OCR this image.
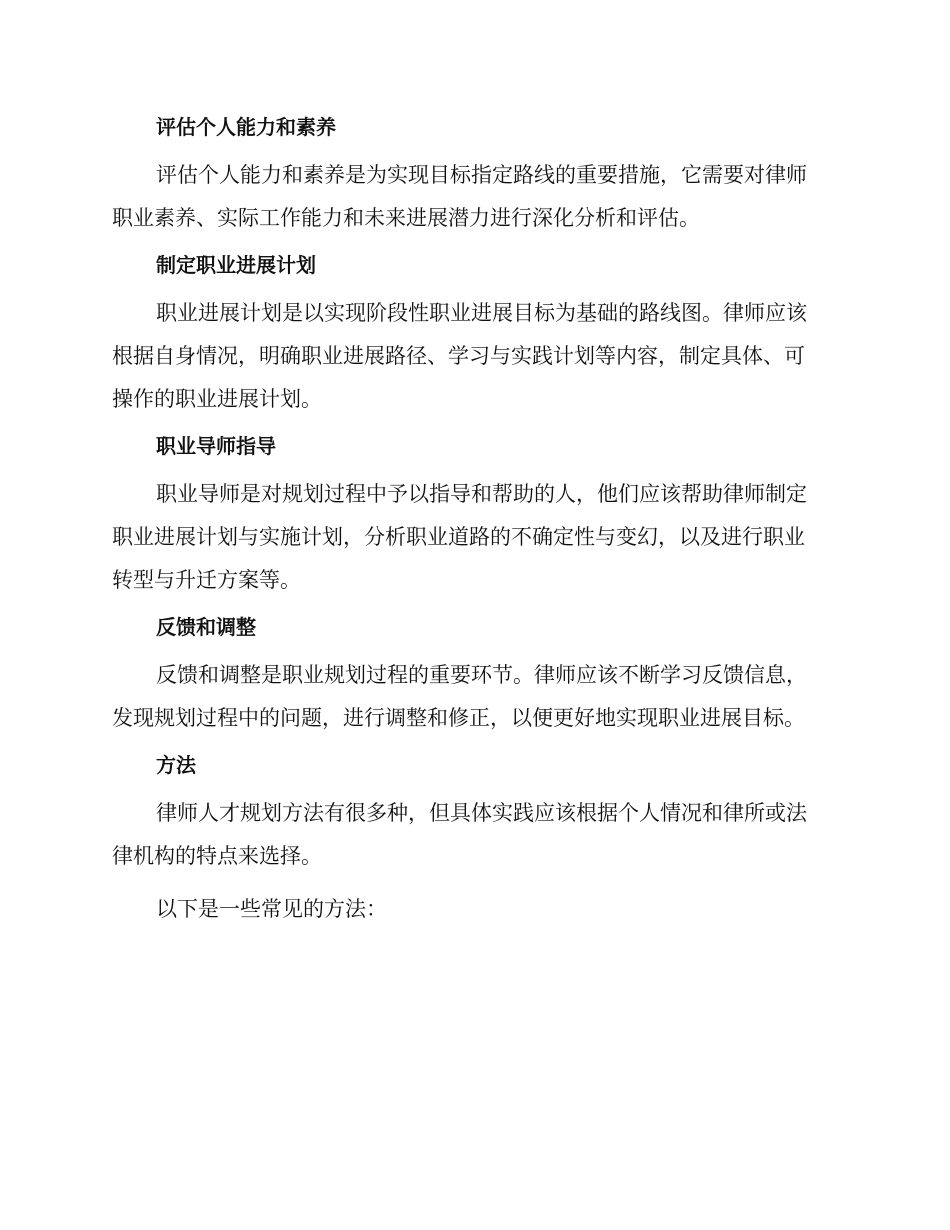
评估个人能力和素养

评估个人能力和素养是为实现目标指定路线的重要措施，它需要对律师
职业素养、实际工作能力和未来进展潜力进行深化分析和评估。

制定职业进展计划

职业进展计划是以实现阶段性职业进展目标为基础的路线图。律师应该
根据自身情况，明确职业进展路径、学习与实践计划等内容，制定具体、可
操作的职业进展计划。

职业导师指导

职业导师是对规划过程中予以指导和帮助的人，他们应该帮助律师制定
职业进展计划与实施计划，分析职业道路的不确定性与变幻，以及进行职业
转型与升迁方案等。

反馈和调整

反馈和调整是职业规划过程的重要环节。律师应该不断学习反馈信息，
发现规划过程中的问题，进行调整和修正，以便更好地实现职业进展目标。

方法

律师人才规划方法有很多种，但具体实践应该根据个人情况和律所或法
律机构的特点来选择。

以下是一些常见的方法：
